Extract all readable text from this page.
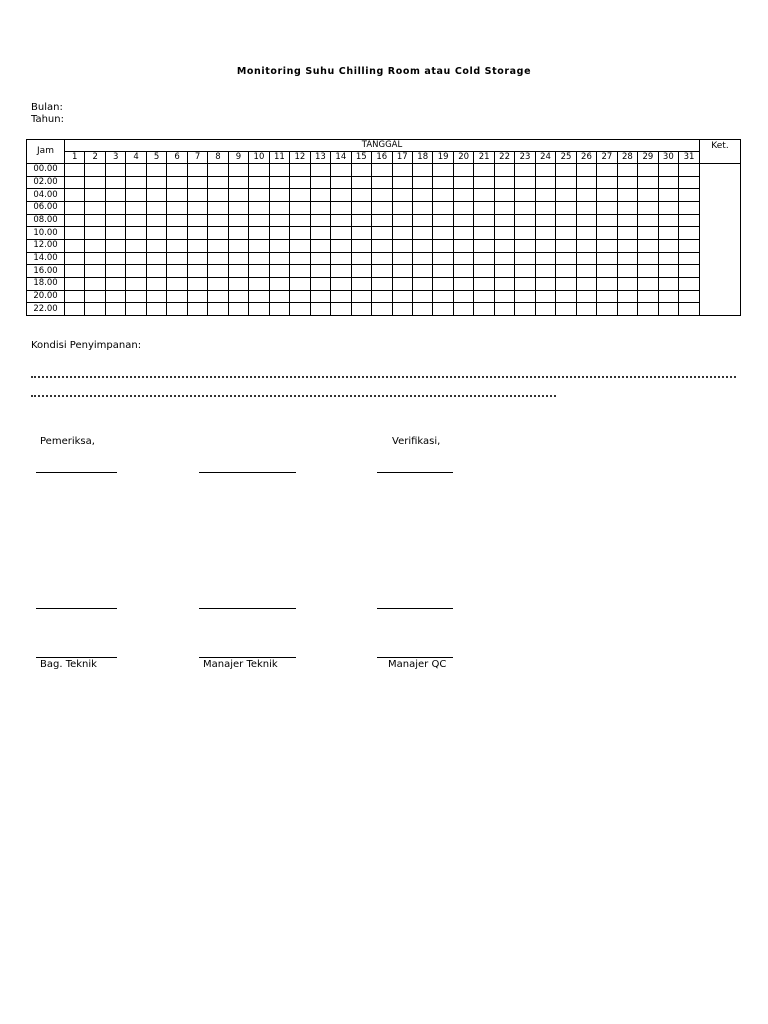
Monitoring Suhu Chilling Room atau Cold Storage
Bulan:
Tahun:
Jam	TANGGAL																															Ket.
	1	2	3	4	5	6	7	8	9	10	11	12	13	14	15	16	17	18	19	20	21	22	23	24	25	26	27	28	29	30	31	
00.00																																
02.00																																
04.00																																
06.00																																
08.00																																
10.00																																
12.00																																
14.00																																
16.00																																
18.00																																
20.00																																
22.00																																
Kondisi Penyimpanan:
Pemeriksa,	Verifikasi,
Bag. Teknik	Manajer Teknik	Manajer QC
